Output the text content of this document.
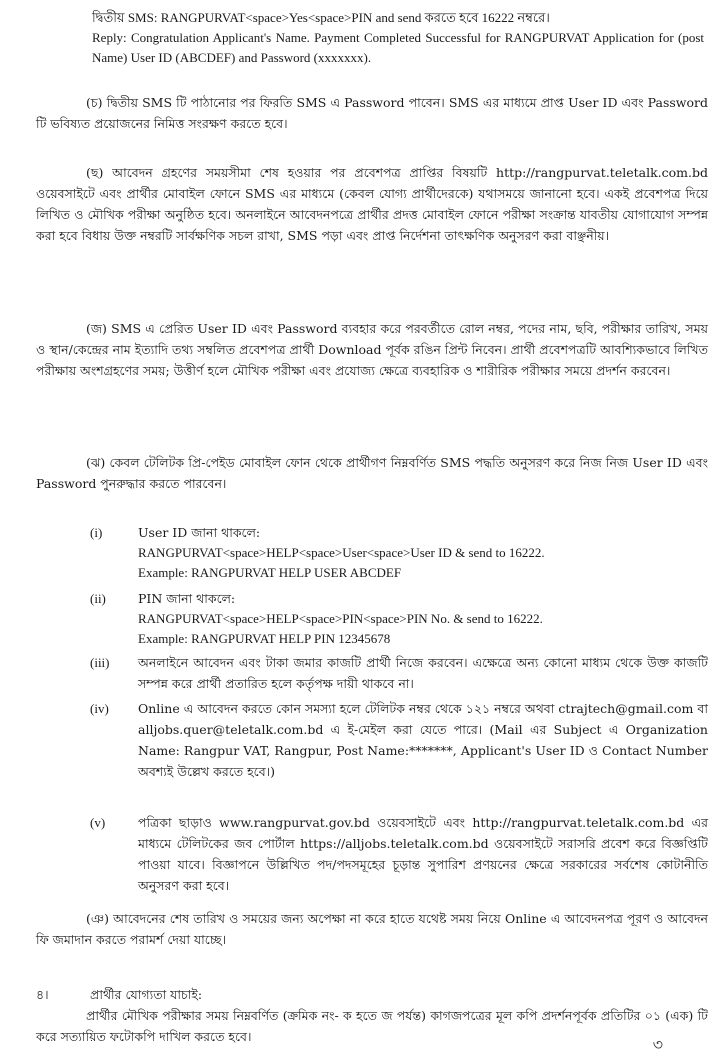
দ্বিতীয় SMS: RANGPURVAT<space>Yes<space>PIN and send করতে হবে 16222 নম্বরে।

Reply: Congratulation Applicant's Name. Payment Completed Successful for RANGPURVAT Application for (post Name) User ID (ABCDEF) and Password (xxxxxxx).

(চ) দ্বিতীয় SMS টি পাঠানোর পর ফিরতি SMS এ Password পাবেন। SMS এর মাধ্যমে প্রাপ্ত User ID এবং Password টি ভবিষ্যত প্রয়োজনের নিমিত্ত সংরক্ষণ করতে হবে।
(ছ) আবেদন গ্রহণের সময়সীমা শেষ হওয়ার পর প্রবেশপত্র প্রাপ্তির বিষয়টি http://rangpurvat.teletalk.com.bd ওয়েবসাইটে এবং প্রার্থীর মোবাইল ফোনে SMS এর মাধ্যমে (কেবল যোগ্য প্রার্থীদেরকে) যথাসময়ে জানানো হবে। একই প্রবেশপত্র দিয়ে লিখিত ও মৌখিক পরীক্ষা অনুষ্ঠিত হবে। অনলাইনে আবেদনপত্রে প্রার্থীর প্রদত্ত মোবাইল ফোনে পরীক্ষা সংক্রান্ত যাবতীয় যোগাযোগ সম্পন্ন করা হবে বিধায় উক্ত নম্বরটি সার্বক্ষণিক সচল রাখা, SMS পড়া এবং প্রাপ্ত নির্দেশনা তাৎক্ষণিক অনুসরণ করা বাঞ্ছনীয়।
(জ) SMS এ প্রেরিত User ID এবং Password ব্যবহার করে পরবর্তীতে রোল নম্বর, পদের নাম, ছবি, পরীক্ষার তারিখ, সময় ও স্থান/কেন্দ্রের নাম ইত্যাদি তথ্য সম্বলিত প্রবেশপত্র প্রার্থী Download পূর্বক রঙিন প্রিন্ট নিবেন। প্রার্থী প্রবেশপত্রটি আবশ্যিকভাবে লিখিত পরীক্ষায় অংশগ্রহণের সময়; উত্তীর্ণ হলে মৌখিক পরীক্ষা এবং প্রযোজ্য ক্ষেত্রে ব্যবহারিক ও শারীরিক পরীক্ষার সময়ে প্রদর্শন করবেন।
(ঝ) কেবল টেলিটক প্রি-পেইড মোবাইল ফোন থেকে প্রার্থীগণ নিম্নবর্ণিত SMS পদ্ধতি অনুসরণ করে নিজ নিজ User ID এবং Password পুনরুদ্ধার করতে পারবেন।
(i)	User ID জানা থাকলে:
RANGPURVAT<space>HELP<space>User<space>User ID & send to 16222.
Example: RANGPURVAT HELP USER ABCDEF
(ii)	PIN জানা থাকলে:
RANGPURVAT<space>HELP<space>PIN<space>PIN No. & send to 16222.
Example: RANGPURVAT HELP PIN 12345678
(iii)	অনলাইনে আবেদন এবং টাকা জমার কাজটি প্রার্থী নিজে করবেন। এক্ষেত্রে অন্য কোনো মাধ্যম থেকে উক্ত কাজটি সম্পন্ন করে প্রার্থী প্রতারিত হলে কর্তৃপক্ষ দায়ী থাকবে না।
(iv)	Online এ আবেদন করতে কোন সমস্যা হলে টেলিটক নম্বর থেকে ১২১ নম্বরে অথবা ctrajtech@gmail.com বা alljobs.quer@teletalk.com.bd এ ই-মেইল করা যেতে পারে। (Mail এর Subject এ Organization Name: Rangpur VAT, Rangpur, Post Name:*******, Applicant's User ID ও Contact Number অবশ্যই উল্লেখ করতে হবে।)
(v)	পত্রিকা ছাড়াও www.rangpurvat.gov.bd ওয়েবসাইটে এবং http://rangpurvat.teletalk.com.bd এর মাধ্যমে টেলিটকের জব পোর্টাল https://alljobs.teletalk.com.bd ওয়েবসাইটে সরাসরি প্রবেশ করে বিজ্ঞপ্তিটি পাওয়া যাবে। বিজ্ঞাপনে উল্লিখিত পদ/পদসমূহের চূড়ান্ত সুপারিশ প্রণয়নের ক্ষেত্রে সরকারের সর্বশেষ কোটানীতি অনুসরণ করা হবে।
(ঞ) আবেদনের শেষ তারিখ ও সময়ের জন্য অপেক্ষা না করে হাতে যথেষ্ট সময় নিয়ে Online এ আবেদনপত্র পূরণ ও আবেদন ফি জমাদান করতে পরামর্শ দেয়া যাচ্ছে।
৪।	প্রার্থীর যোগ্যতা যাচাই:
প্রার্থীর মৌখিক পরীক্ষার সময় নিম্নবর্ণিত (ক্রমিক নং- ক হতে জ পর্যন্ত) কাগজপত্রের মূল কপি প্রদর্শনপূর্বক প্রতিটির ০১ (এক) টি করে সত্যায়িত ফটোকপি দাখিল করতে হবে।	৩
